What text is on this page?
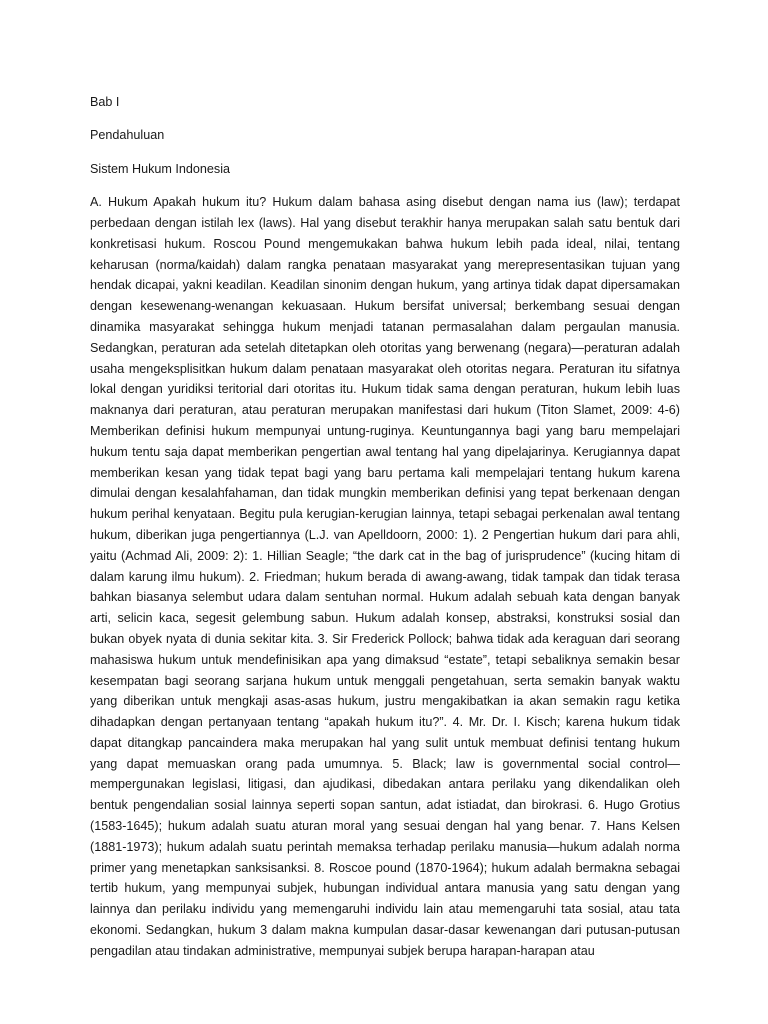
Bab I

Pendahuluan

Sistem Hukum Indonesia

A. Hukum Apakah hukum itu? Hukum dalam bahasa asing disebut dengan nama ius (law); terdapat perbedaan dengan istilah lex (laws). Hal yang disebut terakhir hanya merupakan salah satu bentuk dari konkretisasi hukum. Roscou Pound mengemukakan bahwa hukum lebih pada ideal, nilai, tentang keharusan (norma/kaidah) dalam rangka penataan masyarakat yang merepresentasikan tujuan yang hendak dicapai, yakni keadilan. Keadilan sinonim dengan hukum, yang artinya tidak dapat dipersamakan dengan kesewenang-wenangan kekuasaan. Hukum bersifat universal; berkembang sesuai dengan dinamika masyarakat sehingga hukum menjadi tatanan permasalahan dalam pergaulan manusia. Sedangkan, peraturan ada setelah ditetapkan oleh otoritas yang berwenang (negara)—peraturan adalah usaha mengeksplisitkan hukum dalam penataan masyarakat oleh otoritas negara. Peraturan itu sifatnya lokal dengan yuridiksi teritorial dari otoritas itu. Hukum tidak sama dengan peraturan, hukum lebih luas maknanya dari peraturan, atau peraturan merupakan manifestasi dari hukum (Titon Slamet, 2009: 4-6) Memberikan definisi hukum mempunyai untung-ruginya. Keuntungannya bagi yang baru mempelajari hukum tentu saja dapat memberikan pengertian awal tentang hal yang dipelajarinya. Kerugiannya dapat memberikan kesan yang tidak tepat bagi yang baru pertama kali mempelajari tentang hukum karena dimulai dengan kesalahfahaman, dan tidak mungkin memberikan definisi yang tepat berkenaan dengan hukum perihal kenyataan. Begitu pula kerugian-kerugian lainnya, tetapi sebagai perkenalan awal tentang hukum, diberikan juga pengertiannya (L.J. van Apelldoorn, 2000: 1). 2 Pengertian hukum dari para ahli, yaitu (Achmad Ali, 2009: 2): 1. Hillian Seagle; “the dark cat in the bag of jurisprudence” (kucing hitam di dalam karung ilmu hukum). 2. Friedman; hukum berada di awang-awang, tidak tampak dan tidak terasa bahkan biasanya selembut udara dalam sentuhan normal. Hukum adalah sebuah kata dengan banyak arti, selicin kaca, segesit gelembung sabun. Hukum adalah konsep, abstraksi, konstruksi sosial dan bukan obyek nyata di dunia sekitar kita. 3. Sir Frederick Pollock; bahwa tidak ada keraguan dari seorang mahasiswa hukum untuk mendefinisikan apa yang dimaksud “estate”, tetapi sebaliknya semakin besar kesempatan bagi seorang sarjana hukum untuk menggali pengetahuan, serta semakin banyak waktu yang diberikan untuk mengkaji asas-asas hukum, justru mengakibatkan ia akan semakin ragu ketika dihadapkan dengan pertanyaan tentang “apakah hukum itu?”. 4. Mr. Dr. I. Kisch; karena hukum tidak dapat ditangkap pancaindera maka merupakan hal yang sulit untuk membuat definisi tentang hukum yang dapat memuaskan orang pada umumnya. 5. Black; law is governmental social control—mempergunakan legislasi, litigasi, dan ajudikasi, dibedakan antara perilaku yang dikendalikan oleh bentuk pengendalian sosial lainnya seperti sopan santun, adat istiadat, dan birokrasi. 6. Hugo Grotius (1583-1645); hukum adalah suatu aturan moral yang sesuai dengan hal yang benar. 7. Hans Kelsen (1881-1973); hukum adalah suatu perintah memaksa terhadap perilaku manusia—hukum adalah norma primer yang menetapkan sanksisanksi. 8. Roscoe pound (1870-1964); hukum adalah bermakna sebagai tertib hukum, yang mempunyai subjek, hubungan individual antara manusia yang satu dengan yang lainnya dan perilaku individu yang memengaruhi individu lain atau memengaruhi tata sosial, atau tata ekonomi. Sedangkan, hukum 3 dalam makna kumpulan dasar-dasar kewenangan dari putusan-putusan pengadilan atau tindakan administrative, mempunyai subjek berupa harapan-harapan atau
